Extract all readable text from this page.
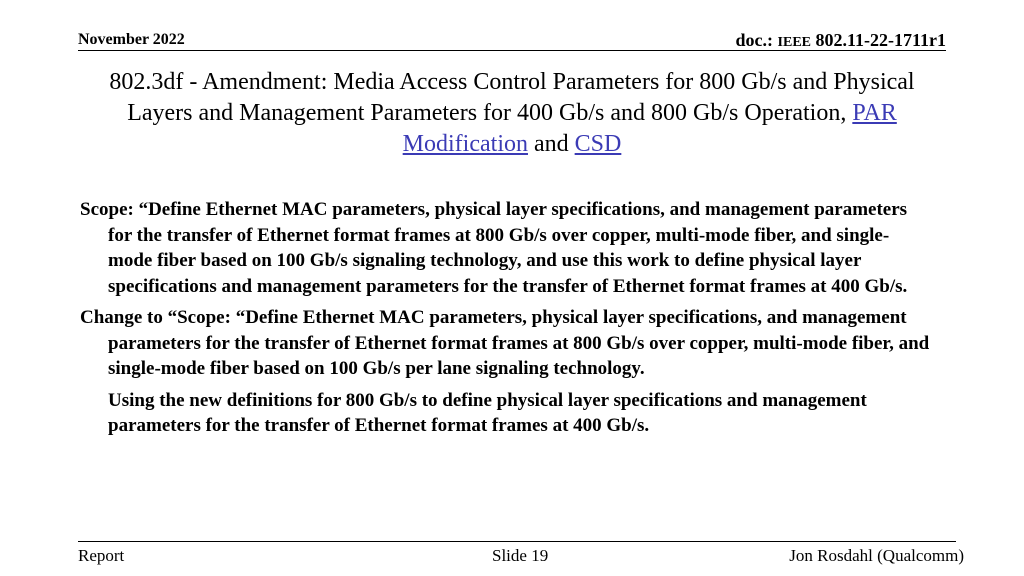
November 2022	doc.: IEEE 802.11-22-1711r1
802.3df - Amendment: Media Access Control Parameters for 800 Gb/s and Physical Layers and Management Parameters for 400 Gb/s and 800 Gb/s Operation, PAR Modification and CSD

Scope: “Define Ethernet MAC parameters, physical layer specifications, and management parameters for the transfer of Ethernet format frames at 800 Gb/s over copper, multi-mode fiber, and single-mode fiber based on 100 Gb/s signaling technology, and use this work to define physical layer specifications and management parameters for the transfer of Ethernet format frames at 400 Gb/s.

Change to “Scope: “Define Ethernet MAC parameters, physical layer specifications, and management parameters for the transfer of Ethernet format frames at 800 Gb/s over copper, multi-mode fiber, and single-mode fiber based on 100 Gb/s per lane signaling technology.

Using the new definitions for 800 Gb/s to define physical layer specifications and management parameters for the transfer of Ethernet format frames at 400 Gb/s.

Report	Slide 19	Jon Rosdahl (Qualcomm)
